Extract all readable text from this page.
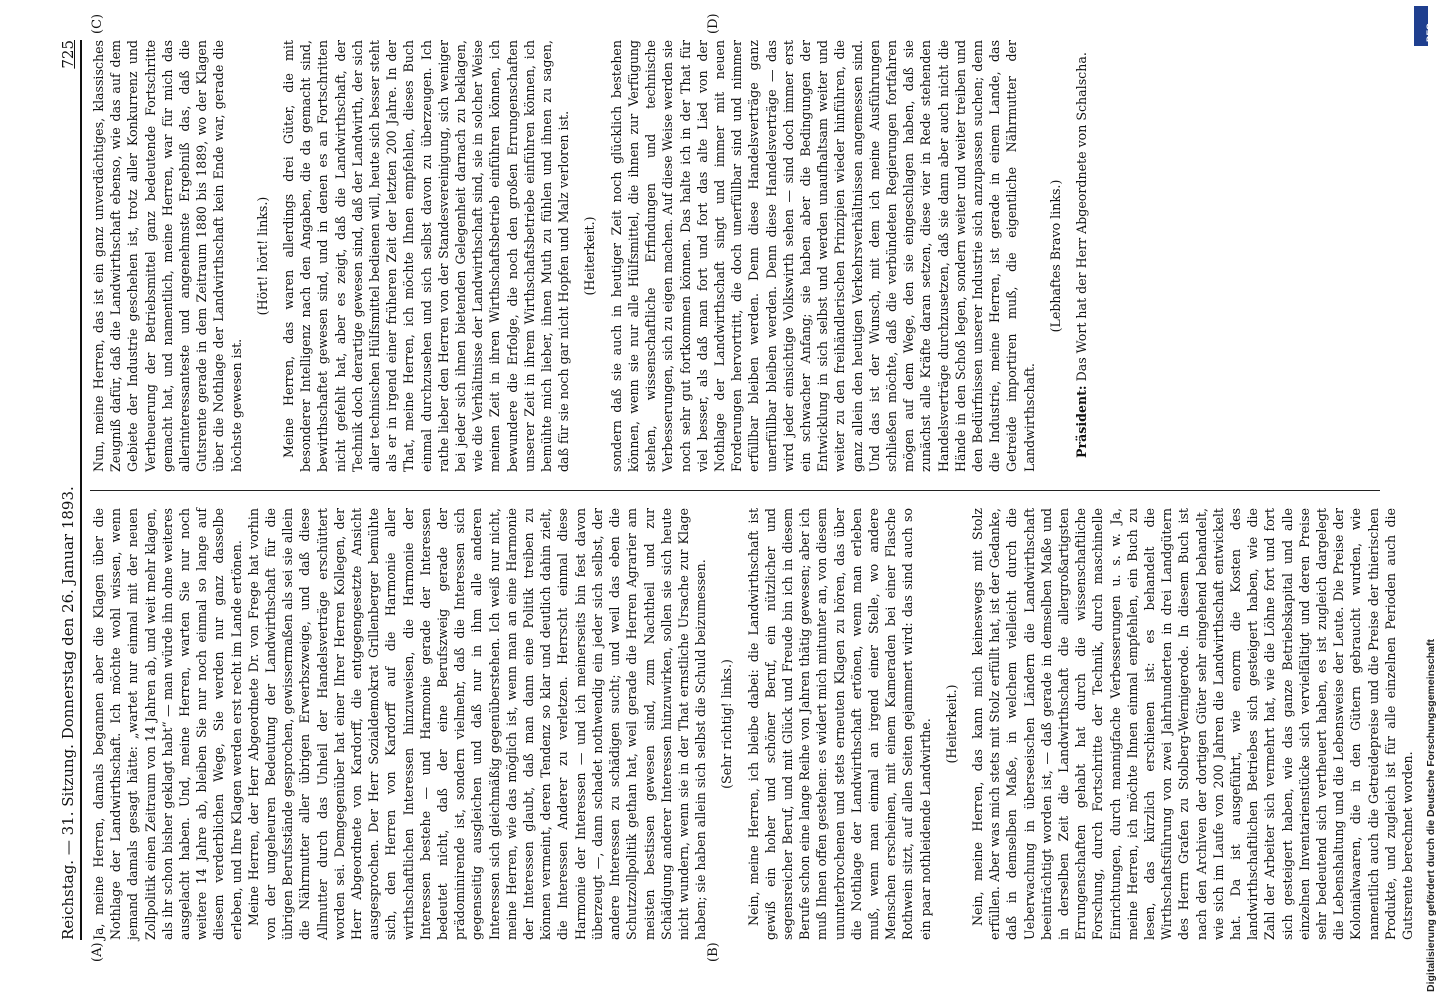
Reichstag. — 31. Sitzung. Donnerstag den 26. Januar 1893.
725
(A)	(B)
(C)	(D)

Ja, meine Herren, damals begannen aber die Klagen über die Nothlage der Landwirthschaft. Ich möchte wohl wissen, wenn jemand damals gesagt hätte: „wartet nur einmal mit der neuen Zollpolitik einen Zeitraum von 14 Jahren ab, und weit mehr klagen, als ihr schon bisher geklagt habt“ — man würde ihn ohne weiteres ausgelacht haben. Und, meine Herren, warten Sie nur noch weitere 14 Jahre ab, bleiben Sie nur noch einmal so lange auf diesem verderblichen Wege, Sie werden nur ganz dasselbe erleben, und Ihre Klagen werden erst recht im Lande ertönen. Meine Herren, der Herr Abgeordnete Dr. von Frege hat vorhin von der ungeheuren Bedeutung der Landwirthschaft für die übrigen Berufsstände gesprochen, gewissermaßen als sei sie allein die Nährmutter aller übrigen Erwerbszweige, und daß diese Allmutter durch das Unheil der Handelsverträge erschüttert worden sei. Demgegenüber hat einer Ihrer Herren Kollegen, der Herr Abgeordnete von Kardorff, die entgegengesetzte Ansicht ausgesprochen. Der Herr Sozialdemokrat Grillenberger bemühte sich, den Herren von Kardorff auf die Harmonie aller wirthschaftlichen Interessen hinzuweisen, die Harmonie der Interessen bestehe — und Harmonie gerade der Interessen bedeutet nicht, daß der eine Berufszweig gerade der prädominirende ist, sondern vielmehr, daß die Interessen sich gegenseitig ausgleichen und daß nur in ihm alle anderen Interessen sich gleichmäßig gegenüberstehen. Ich weiß nur nicht, meine Herren, wie das möglich ist, wenn man an eine Harmonie der Interessen glaubt, daß man dann eine Politik treiben zu können vermeint, deren Tendenz so klar und deutlich dahin zielt, die Interessen Anderer zu verletzen. Herrscht einmal diese Harmonie der Interessen — und ich meinerseits bin fest davon überzeugt —, dann schadet nothwendig ein jeder sich selbst, der andere Interessen zu schädigen sucht; und weil das eben die Schutzzollpolitik gethan hat, weil gerade die Herren Agrarier am meisten bestissen gewesen sind, zum Nachtheil und zur Schädigung anderer Interessen hinzuwirken, sollen sie sich heute nicht wundern, wenn sie in der That ernstliche Ursache zur Klage haben; sie haben allein sich selbst die Schuld beizumessen. (Sehr richtig! links.) Nein, meine Herren, ich bleibe dabei: die Landwirthschaft ist gewiß ein hoher und schöner Beruf, ein nützlicher und segensreicher Beruf, und mit Glück und Freude bin ich in diesem Berufe schon eine lange Reihe von Jahren thätig gewesen; aber ich muß Ihnen offen gestehen: es widert mich mitunter an, von diesem ununterbrochenen und stets erneuten Klagen zu hören, das über die Nothlage der Landwirthschaft ertönen, wenn man erleben muß, wenn man einmal an irgend einer Stelle, wo andere Menschen erscheinen, mit einem Kameraden bei einer Flasche Rothwein sitzt, auf allen Seiten gejammert wird: das sind auch so ein paar nothleidende Landwirthe. (Heiterkeit.) Nein, meine Herren, das kann mich keineswegs mit Stolz erfüllen. Aber was mich stets mit Stolz erfüllt hat, ist der Gedanke, daß in demselben Maße, in welchem vielleicht durch die Ueberwachung in überseeischen Ländern die Landwirthschaft beeinträchtigt worden ist, — daß gerade in demselben Maße und in derselben Zeit die Landwirthschaft die allergroßartigsten Errungenschaften gehabt hat durch die wissenschaftliche Forschung, durch Fortschritte der Technik, durch maschinelle Einrichtungen, durch mannigfache Verbesserungen u. s. w. Ja, meine Herren, ich möchte Ihnen einmal empfehlen, ein Buch zu lesen, das kürzlich erschienen ist: es behandelt die Wirthschaftsführung von zwei Jahrhunderten in drei Landgütern des Herrn Grafen zu Stolberg-Wernigerode. In diesem Buch ist nach den Archiven der dortigen Güter sehr eingehend behandelt, wie sich im Laufe von 200 Jahren die Landwirthschaft entwickelt hat. Da ist ausgeführt, wie enorm die Kosten des landwirthschaftlichen Betriebes sich gesteigert haben, wie die Zahl der Arbeiter sich vermehrt hat, wie die Löhne fort und fort sich gesteigert haben, wie das ganze Betriebskapital und alle einzelnen Inventarienstücke sich vervielfältigt und deren Preise sehr bedeutend sich vertheuert haben, es ist zugleich dargelegt die Lebenshaltung und die Lebensweise der Leute. Die Preise der Kolonialwaaren, die in den Gütern gebraucht wurden, wie namentlich auch die Getreidepreise und die Preise der thierischen Produkte, und zugleich ist für alle einzelnen Perioden auch die Gutsrente berechnet worden.

Nun, meine Herren, das ist ein ganz unverdächtiges, klassisches Zeugniß dafür, daß die Landwirthschaft ebenso, wie das auf dem Gebiete der Industrie geschehen ist, trotz aller Konkurrenz und Vertheuerung der Betriebsmittel ganz bedeutende Fortschritte gemacht hat, und namentlich, meine Herren, war für mich das allerinteressanteste und angenehmste Ergebniß das, daß die Gutsrente gerade in dem Zeitraum 1880 bis 1889, wo der Klagen über die Nothlage der Landwirthschaft kein Ende war, gerade die höchste gewesen ist.

(Hört! hört! links.) Meine Herren, das waren allerdings drei Güter, die mit besonderer Intelligenz nach den Angaben, die da gemacht sind, bewirthschaftet gewesen sind, und in denen es an Fortschritten nicht gefehlt hat, aber es zeigt, daß die Landwirthschaft, der Technik doch derartige gewesen sind, daß der Landwirth, der sich aller technischen Hülfsmittel bedienen will, heute sich besser steht als er in irgend einer früheren Zeit der letzten 200 Jahre. In der That, meine Herren, ich möchte Ihnen empfehlen, dieses Buch einmal durchzusehen und sich selbst davon zu überzeugen. Ich rathe lieber den Herren von der Standesvereinigung, sich weniger bei jeder sich ihnen bietenden Gelegenheit darnach zu beklagen, wie die Verhältnisse der Landwirthschaft sind, sie in solcher Weise meinen Zeit in ihren Wirthschaftsbetrieb einführen können, ich bewundere die Erfolge, die noch den großen Errungenschaften unserer Zeit in ihrem Wirthschaftsbetriebe einführen können, ich bemühte mich lieber, ihnen Muth zu fühlen und ihnen zu sagen, daß für sie noch gar nicht Hopfen und Malz verloren ist. (Heiterkeit.) sondern daß sie auch in heutiger Zeit noch glücklich bestehen können, wenn sie nur alle Hülfsmittel, die ihnen zur Verfügung stehen, wissenschaftliche Erfindungen und technische Verbesserungen, sich zu eigen machen. Auf diese Weise werden sie noch sehr gut fortkommen können. Das halte ich in der That für viel besser, als daß man fort und fort das alte Lied von der Nothlage der Landwirthschaft singt und immer mit neuen Forderungen hervortritt, die doch unerfüllbar sind und nimmer erfüllbar bleiben werden. Denn diese Handelsverträge ganz unerfüllbar bleiben werden. Denn diese Handelsverträge — das wird jeder einsichtige Volkswirth sehen — sind doch immer erst ein schwacher Anfang; sie haben aber die Bedingungen der Entwicklung in sich selbst und werden unaufhaltsam weiter und weiter zu den freihändlerischen Prinzipien wieder hinführen, die ganz allein den heutigen Verkehrsverhältnissen angemessen sind. Und das ist der Wunsch, mit dem ich meine Ausführungen schließen möchte, daß die verbündeten Regierungen fortfahren mögen auf dem Wege, den sie eingeschlagen haben, daß sie zunächst alle Kräfte daran setzen, diese vier in Rede stehenden Handelsverträge durchzusetzen, daß sie dann aber auch nicht die Hände in den Schoß legen, sondern weiter und weiter treiben und den Bedürfnissen unserer Industrie sich anzupassen suchen; denn die Industrie, meine Herren, ist gerade in einem Lande, das Getreide importiren muß, die eigentliche Nährmutter der Landwirthschaft.

(Lebhaftes Bravo links.)

Präsident: Das Wort hat der Herr Abgeordnete von Schalscha.

Digitalisierung gefördert durch die Deutsche Forschungsgemeinschaft
DFG
